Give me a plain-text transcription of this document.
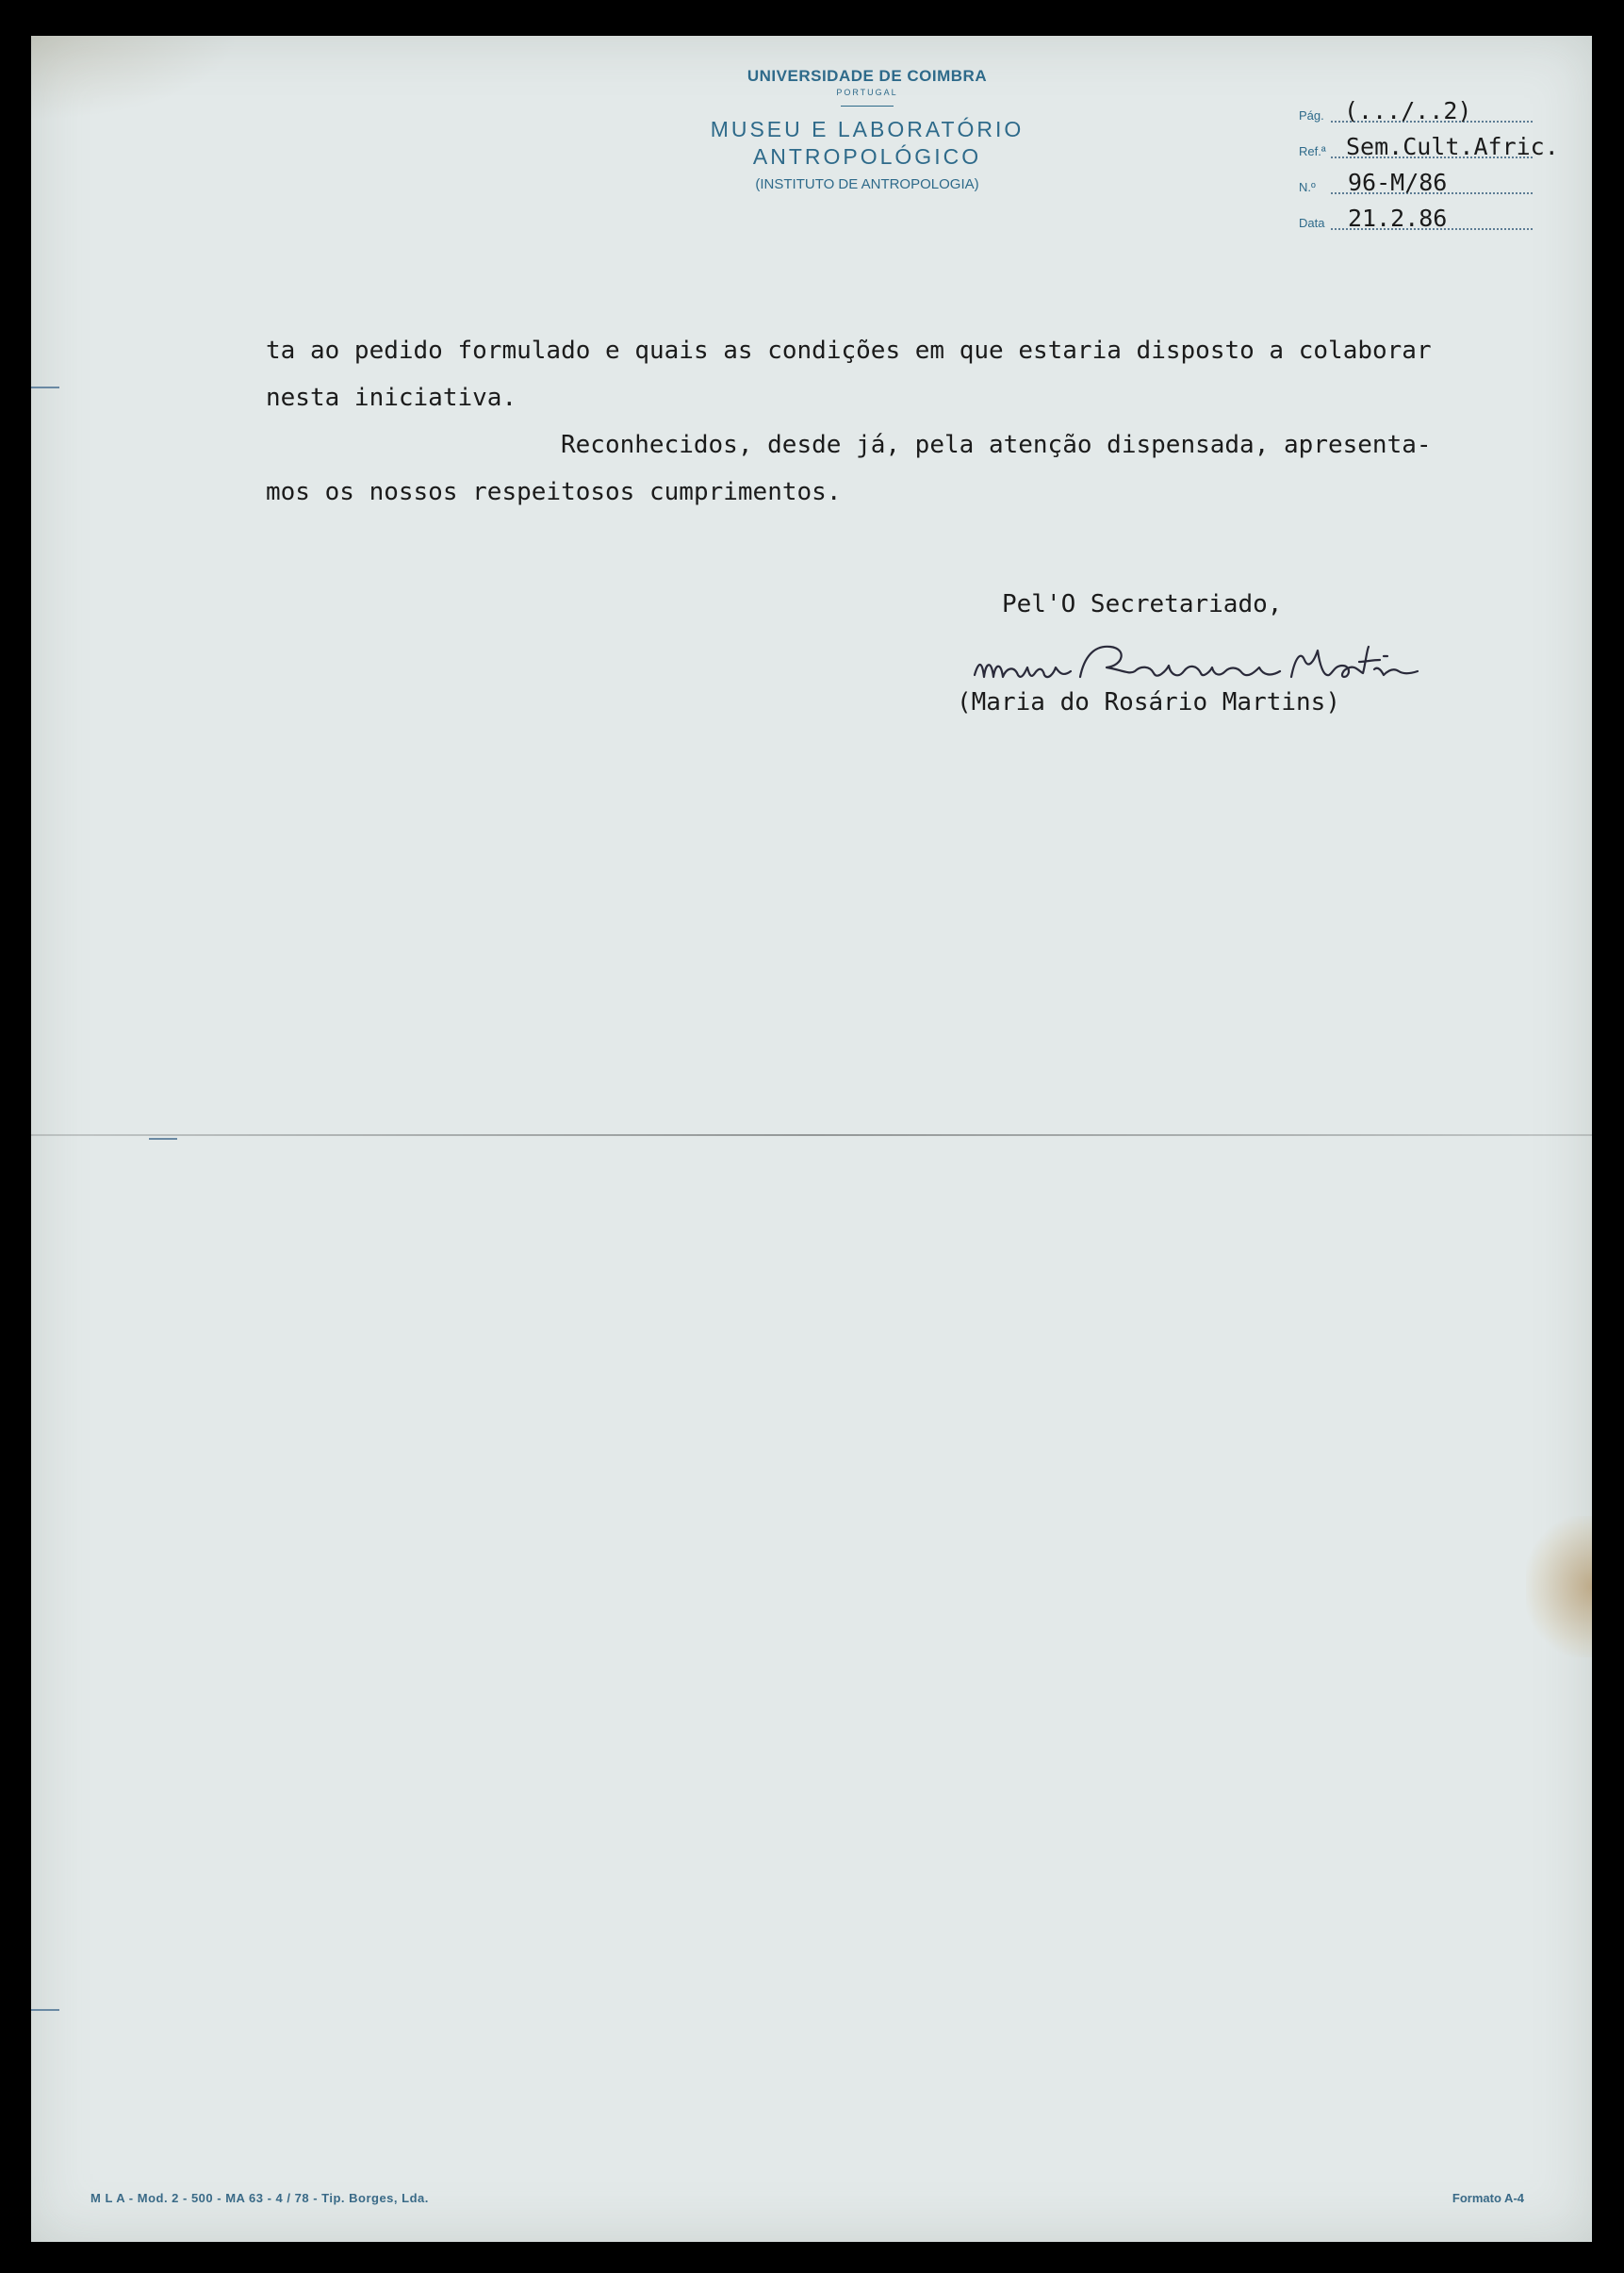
UNIVERSIDADE DE COIMBRA
PORTUGAL
MUSEU E LABORATÓRIO
ANTROPOLÓGICO
(INSTITUTO DE ANTROPOLOGIA)
Pág. (.../..2)
Ref.ª Sem.Cult.Afric.
N.º 96-M/86
Data 21.2.86

ta ao pedido formulado e quais as condições em que estaria disposto a colaborar

nesta iniciativa.

Reconhecidos, desde já, pela atenção dispensada, apresenta-

mos os nossos respeitosos cumprimentos.

Pel'O Secretariado,
(Maria do Rosário Martins)
M L A - Mod. 2 - 500 - MA 63 - 4 / 78 - Tip. Borges, Lda.	Formato A-4
